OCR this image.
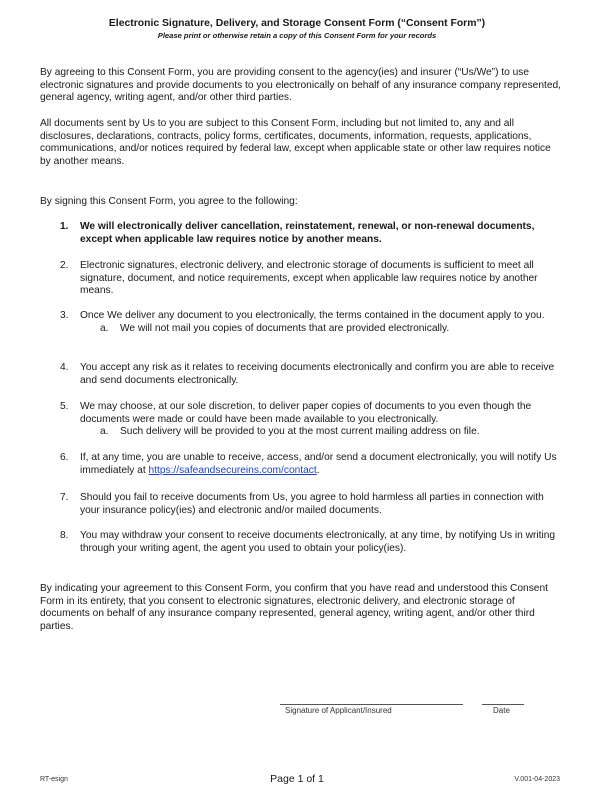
Electronic Signature, Delivery, and Storage Consent Form (“Consent Form”)
Please print or otherwise retain a copy of this Consent Form for your records
By agreeing to this Consent Form, you are providing consent to the agency(ies) and insurer (“Us/We”) to use electronic signatures and provide documents to you electronically on behalf of any insurance company represented, general agency, writing agent, and/or other third parties.
All documents sent by Us to you are subject to this Consent Form, including but not limited to, any and all disclosures, declarations, contracts, policy forms, certificates, documents, information, requests, applications, communications, and/or notices required by federal law, except when applicable state or other law requires notice by another means.
By signing this Consent Form, you agree to the following:
1. We will electronically deliver cancellation, reinstatement, renewal, or non-renewal documents, except when applicable law requires notice by another means.
2. Electronic signatures, electronic delivery, and electronic storage of documents is sufficient to meet all signature, document, and notice requirements, except when applicable law requires notice by another means.
3. Once We deliver any document to you electronically, the terms contained in the document apply to you.
a.	We will not mail you copies of documents that are provided electronically.
4. You accept any risk as it relates to receiving documents electronically and confirm you are able to receive and send documents electronically.
5. We may choose, at our sole discretion, to deliver paper copies of documents to you even though the documents were made or could have been made available to you electronically.
a.	Such delivery will be provided to you at the most current mailing address on file.
6. If, at any time, you are unable to receive, access, and/or send a document electronically, you will notify Us immediately at https://safeandsecureins.com/contact.
7. Should you fail to receive documents from Us, you agree to hold harmless all parties in connection with your insurance policy(ies) and electronic and/or mailed documents.
8. You may withdraw your consent to receive documents electronically, at any time, by notifying Us in writing through your writing agent, the agent you used to obtain your policy(ies).
By indicating your agreement to this Consent Form, you confirm that you have read and understood this Consent Form in its entirety, that you consent to electronic signatures, electronic delivery, and electronic storage of documents on behalf of any insurance company represented, general agency, writing agent, and/or other third parties.
Signature of Applicant/Insured	Date
RT-esign	Page 1 of 1	V.001-04-2023
